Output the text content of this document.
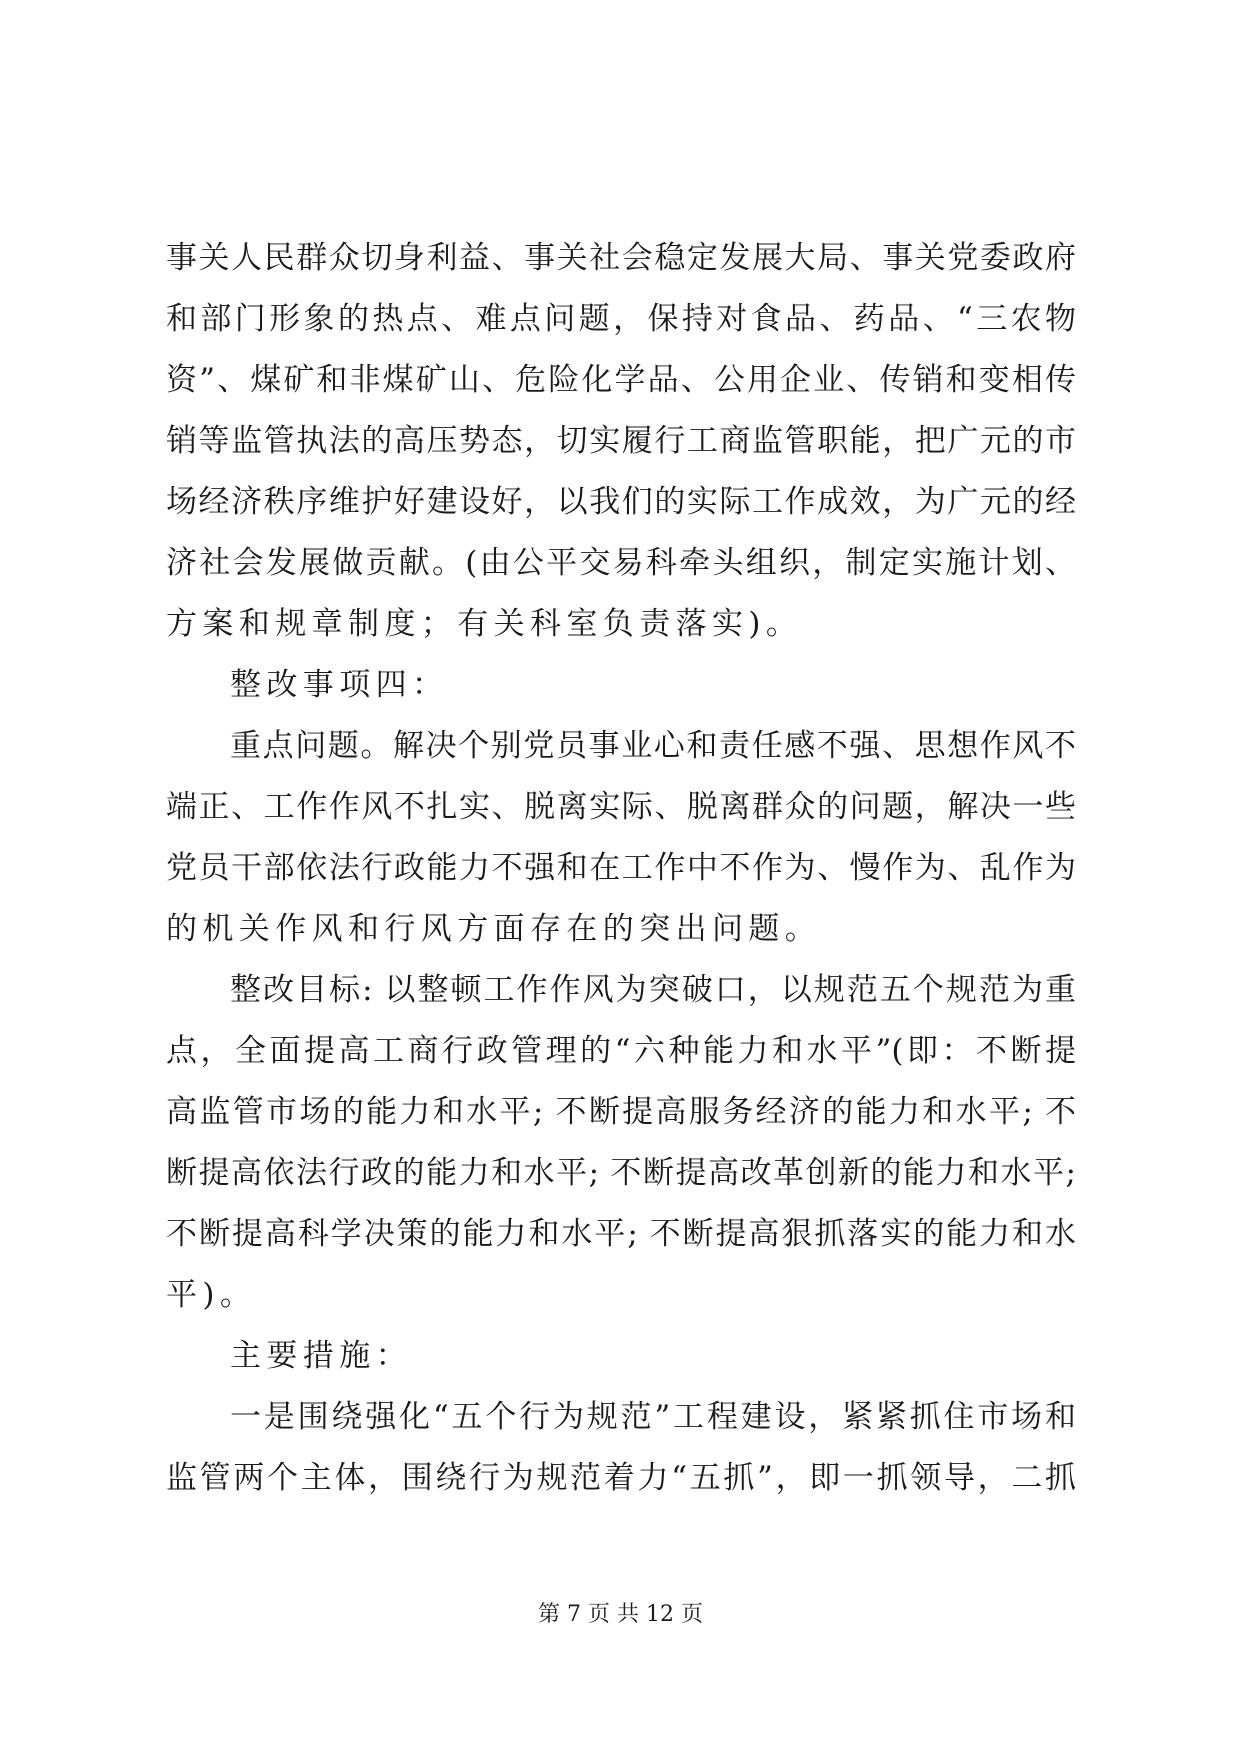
事关人民群众切身利益、事关社会稳定发展大局、事关党委政府
和部门形象的热点、难点问题，保持对食品、药品、“三农物
资”、煤矿和非煤矿山、危险化学品、公用企业、传销和变相传
销等监管执法的高压势态，切实履行工商监管职能，把广元的市
场经济秩序维护好建设好，以我们的实际工作成效，为广元的经
济社会发展做贡献。(由公平交易科牵头组织，制定实施计划、
方案和规章制度；有关科室负责落实)。
整改事项四：
重点问题。解决个别党员事业心和责任感不强、思想作风不
端正、工作作风不扎实、脱离实际、脱离群众的问题，解决一些
党员干部依法行政能力不强和在工作中不作为、慢作为、乱作为
的机关作风和行风方面存在的突出问题。
整改目标: 以整顿工作作风为突破口，以规范五个规范为重
点，全面提高工商行政管理的“六种能力和水平”(即：不断提
高监管市场的能力和水平; 不断提高服务经济的能力和水平; 不
断提高依法行政的能力和水平; 不断提高改革创新的能力和水平;
不断提高科学决策的能力和水平; 不断提高狠抓落实的能力和水
平)。
主要措施：
一是围绕强化“五个行为规范”工程建设，紧紧抓住市场和
监管两个主体，围绕行为规范着力“五抓”，即一抓领导，二抓
第 7 页 共 12 页
